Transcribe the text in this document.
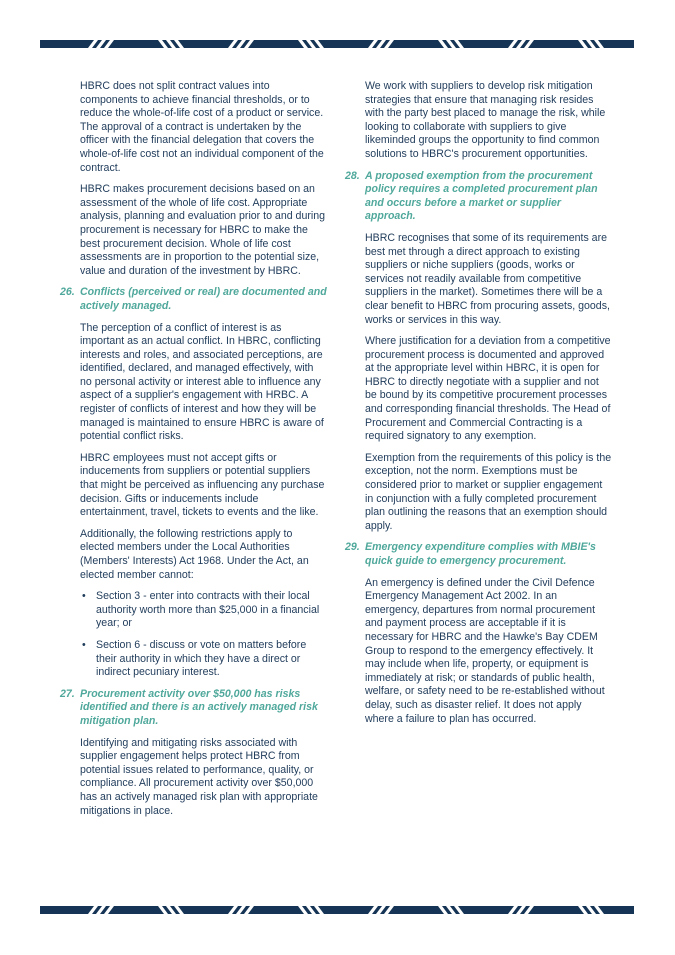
HBRC does not split contract values into components to achieve financial thresholds, or to reduce the whole-of-life cost of a product or service. The approval of a contract is undertaken by the officer with the financial delegation that covers the whole-of-life cost not an individual component of the contract.

HBRC makes procurement decisions based on an assessment of the whole of life cost. Appropriate analysis, planning and evaluation prior to and during procurement is necessary for HBRC to make the best procurement decision. Whole of life cost assessments are in proportion to the potential size, value and duration of the investment by HBRC.

26. Conflicts (perceived or real) are documented and actively managed.

The perception of a conflict of interest is as important as an actual conflict. In HBRC, conflicting interests and roles, and associated perceptions, are identified, declared, and managed effectively, with no personal activity or interest able to influence any aspect of a supplier's engagement with HRBC. A register of conflicts of interest and how they will be managed is maintained to ensure HBRC is aware of potential conflict risks.

HBRC employees must not accept gifts or inducements from suppliers or potential suppliers that might be perceived as influencing any purchase decision. Gifts or inducements include entertainment, travel, tickets to events and the like.

Additionally, the following restrictions apply to elected members under the Local Authorities (Members' Interests) Act 1968. Under the Act, an elected member cannot:

• Section 3 - enter into contracts with their local authority worth more than $25,000 in a financial year; or
• Section 6 - discuss or vote on matters before their authority in which they have a direct or indirect pecuniary interest.
27. Procurement activity over $50,000 has risks identified and there is an actively managed risk mitigation plan.

Identifying and mitigating risks associated with supplier engagement helps protect HBRC from potential issues related to performance, quality, or compliance. All procurement activity over $50,000 has an actively managed risk plan with appropriate mitigations in place.

We work with suppliers to develop risk mitigation strategies that ensure that managing risk resides with the party best placed to manage the risk, while looking to collaborate with suppliers to give likeminded groups the opportunity to find common solutions to HBRC's procurement opportunities.

28. A proposed exemption from the procurement policy requires a completed procurement plan and occurs before a market or supplier approach.

HBRC recognises that some of its requirements are best met through a direct approach to existing suppliers or niche suppliers (goods, works or services not readily available from competitive suppliers in the market). Sometimes there will be a clear benefit to HBRC from procuring assets, goods, works or services in this way.

Where justification for a deviation from a competitive procurement process is documented and approved at the appropriate level within HBRC, it is open for HBRC to directly negotiate with a supplier and not be bound by its competitive procurement processes and corresponding financial thresholds. The Head of Procurement and Commercial Contracting is a required signatory to any exemption.

Exemption from the requirements of this policy is the exception, not the norm. Exemptions must be considered prior to market or supplier engagement in conjunction with a fully completed procurement plan outlining the reasons that an exemption should apply.

29. Emergency expenditure complies with MBIE's quick guide to emergency procurement.

An emergency is defined under the Civil Defence Emergency Management Act 2002. In an emergency, departures from normal procurement and payment process are acceptable if it is necessary for HBRC and the Hawke's Bay CDEM Group to respond to the emergency effectively. It may include when life, property, or equipment is immediately at risk; or standards of public health, welfare, or safety need to be re-established without delay, such as disaster relief. It does not apply where a failure to plan has occurred.
